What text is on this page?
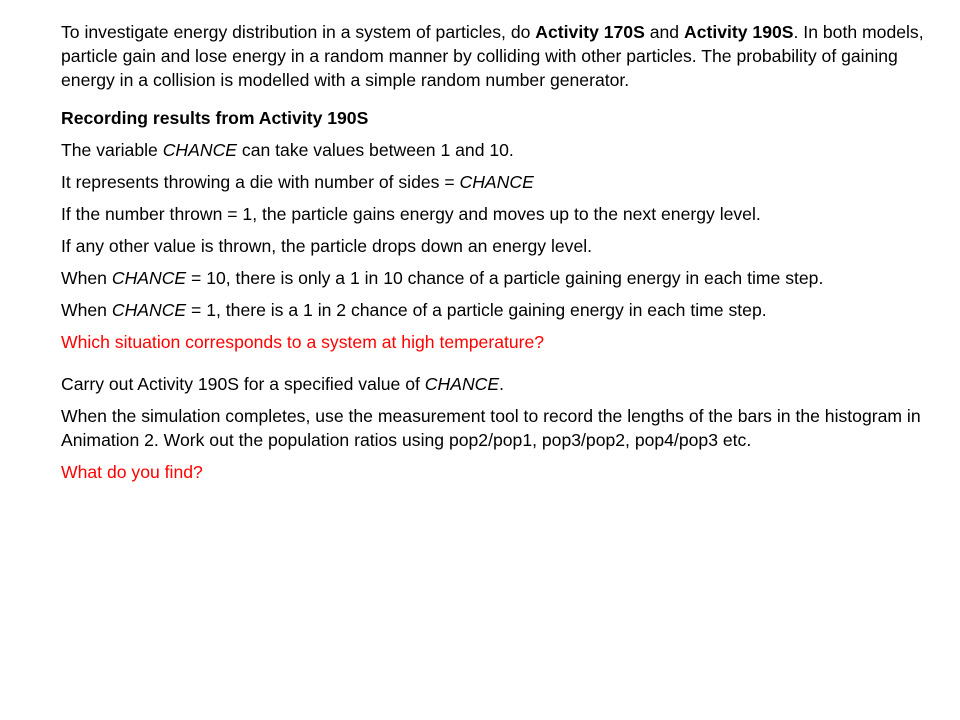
To investigate energy distribution in a system of particles, do Activity 170S and Activity 190S. In both models, particle gain and lose energy in a random manner by colliding with other particles. The probability of gaining energy in a collision is modelled with a simple random number generator.

Recording results from Activity 190S

The variable CHANCE can take values between 1 and 10.

It represents throwing a die with number of sides = CHANCE

If the number thrown = 1, the particle gains energy and moves up to the next energy level.

If any other value is thrown, the particle drops down an energy level.

When CHANCE = 10, there is only a 1 in 10 chance of a particle gaining energy in each time step.

When CHANCE = 1, there is a 1 in 2 chance of a particle gaining energy in each time step.

Which situation corresponds to a system at high temperature?

Carry out Activity 190S for a specified value of CHANCE.

When the simulation completes, use the measurement tool to record the lengths of the bars in the histogram in Animation 2. Work out the population ratios using pop2/pop1, pop3/pop2, pop4/pop3 etc.

What do you find?
